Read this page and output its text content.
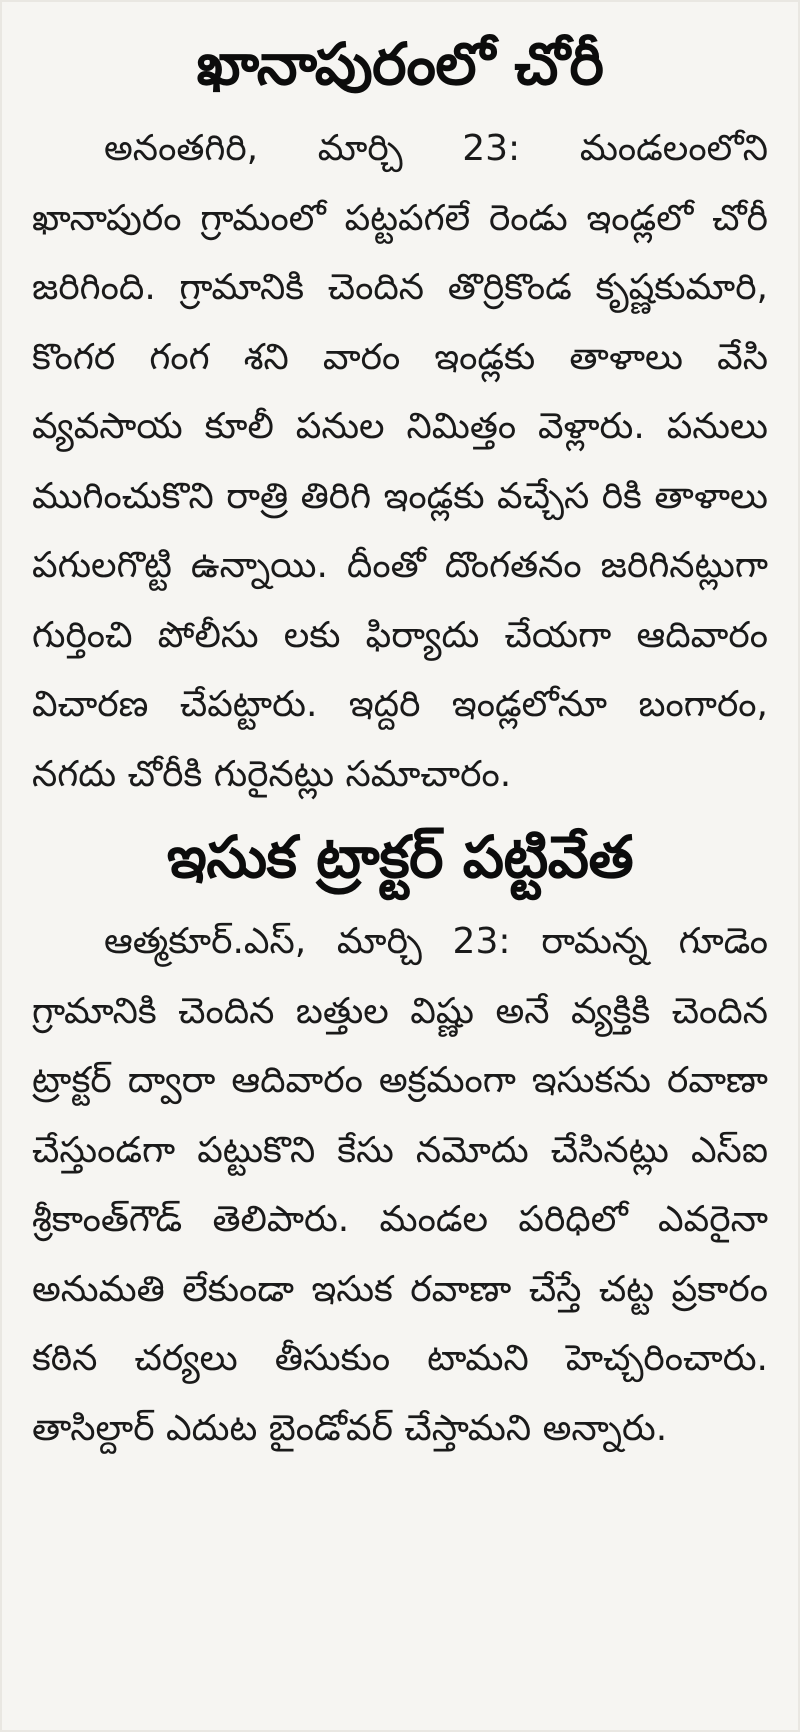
ఖానాపురంలో చోరీ

అనంతగిరి, మార్చి 23: మండలంలోని ఖానాపురం గ్రామంలో పట్టపగలే రెండు ఇండ్లలో చోరీ జరిగింది. గ్రామానికి చెందిన తొర్రికొండ కృష్ణకుమారి, కొంగర గంగ శని వారం ఇండ్లకు తాళాలు వేసి వ్యవసాయ కూలీ పనుల నిమిత్తం వెళ్లారు. పనులు ముగించుకొని రాత్రి తిరిగి ఇండ్లకు వచ్చేస రికి తాళాలు పగులగొట్టి ఉన్నాయి. దీంతో దొంగతనం జరిగినట్లుగా గుర్తించి పోలీసు లకు ఫిర్యాదు చేయగా ఆదివారం విచారణ చేపట్టారు. ఇద్దరి ఇండ్లలోనూ బంగారం, నగదు చోరీకి గురైనట్లు సమాచారం.

ఇసుక ట్రాక్టర్‌ పట్టివేత

ఆత్మకూర్‌.ఎస్‌, మార్చి 23: రామన్న గూడెం గ్రామానికి చెందిన బత్తుల విష్ణు అనే వ్యక్తికి చెందిన ట్రాక్టర్‌ ద్వారా ఆదివారం అక్రమంగా ఇసుకను రవాణా చేస్తుండగా పట్టుకొని కేసు నమోదు చేసినట్లు ఎస్‌ఐ శ్రీకాంత్‌గౌడ్‌ తెలిపారు. మండల పరిధిలో ఎవరైనా అనుమతి లేకుండా ఇసుక రవాణా చేస్తే చట్ట ప్రకారం కఠిన చర్యలు తీసుకుం టామని హెచ్చరించారు. తాసిల్దార్‌ ఎదుట బైండోవర్‌ చేస్తామని అన్నారు.
